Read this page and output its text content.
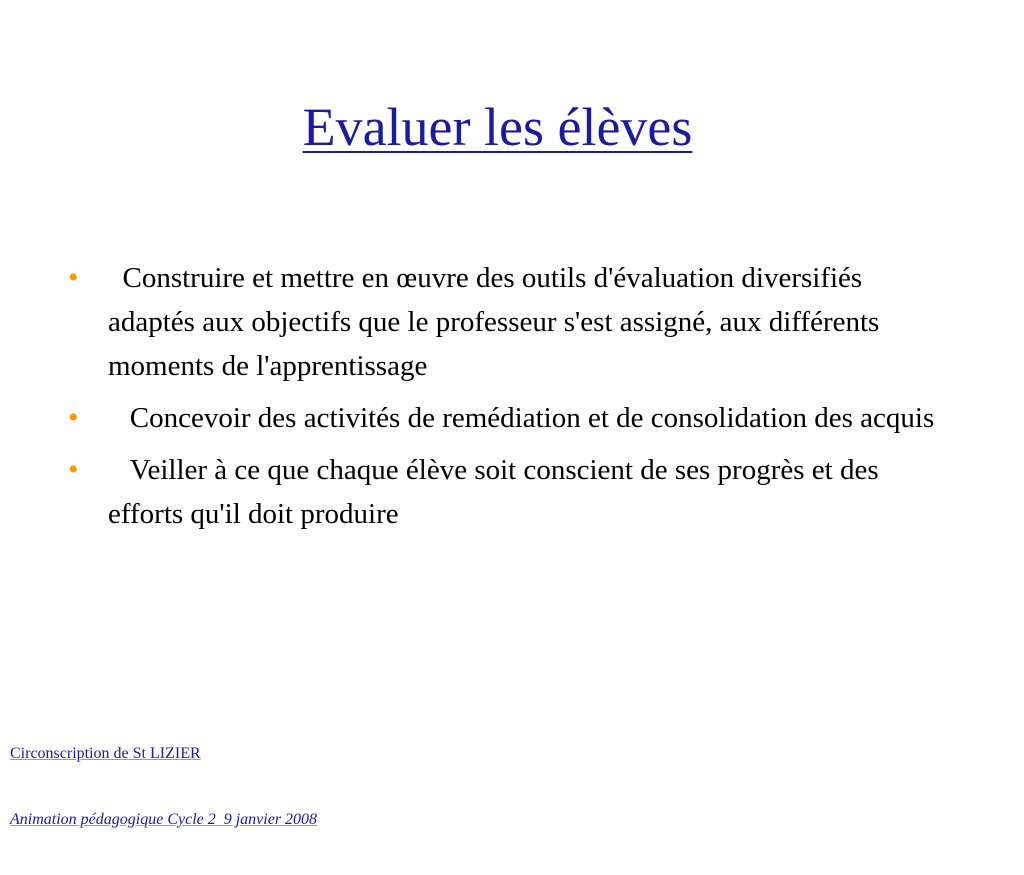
Evaluer les élèves
•	Construire et mettre en œuvre des outils d'évaluation diversifiés adaptés aux objectifs que le professeur s'est assigné, aux différents moments de l'apprentissage
•	Concevoir des activités de remédiation et de consolidation des acquis
•	Veiller à ce que chaque élève soit conscient de ses progrès et des efforts qu'il doit produire

Circonscription de St LIZIER

Animation pédagogique Cycle 2  9 janvier 2008
